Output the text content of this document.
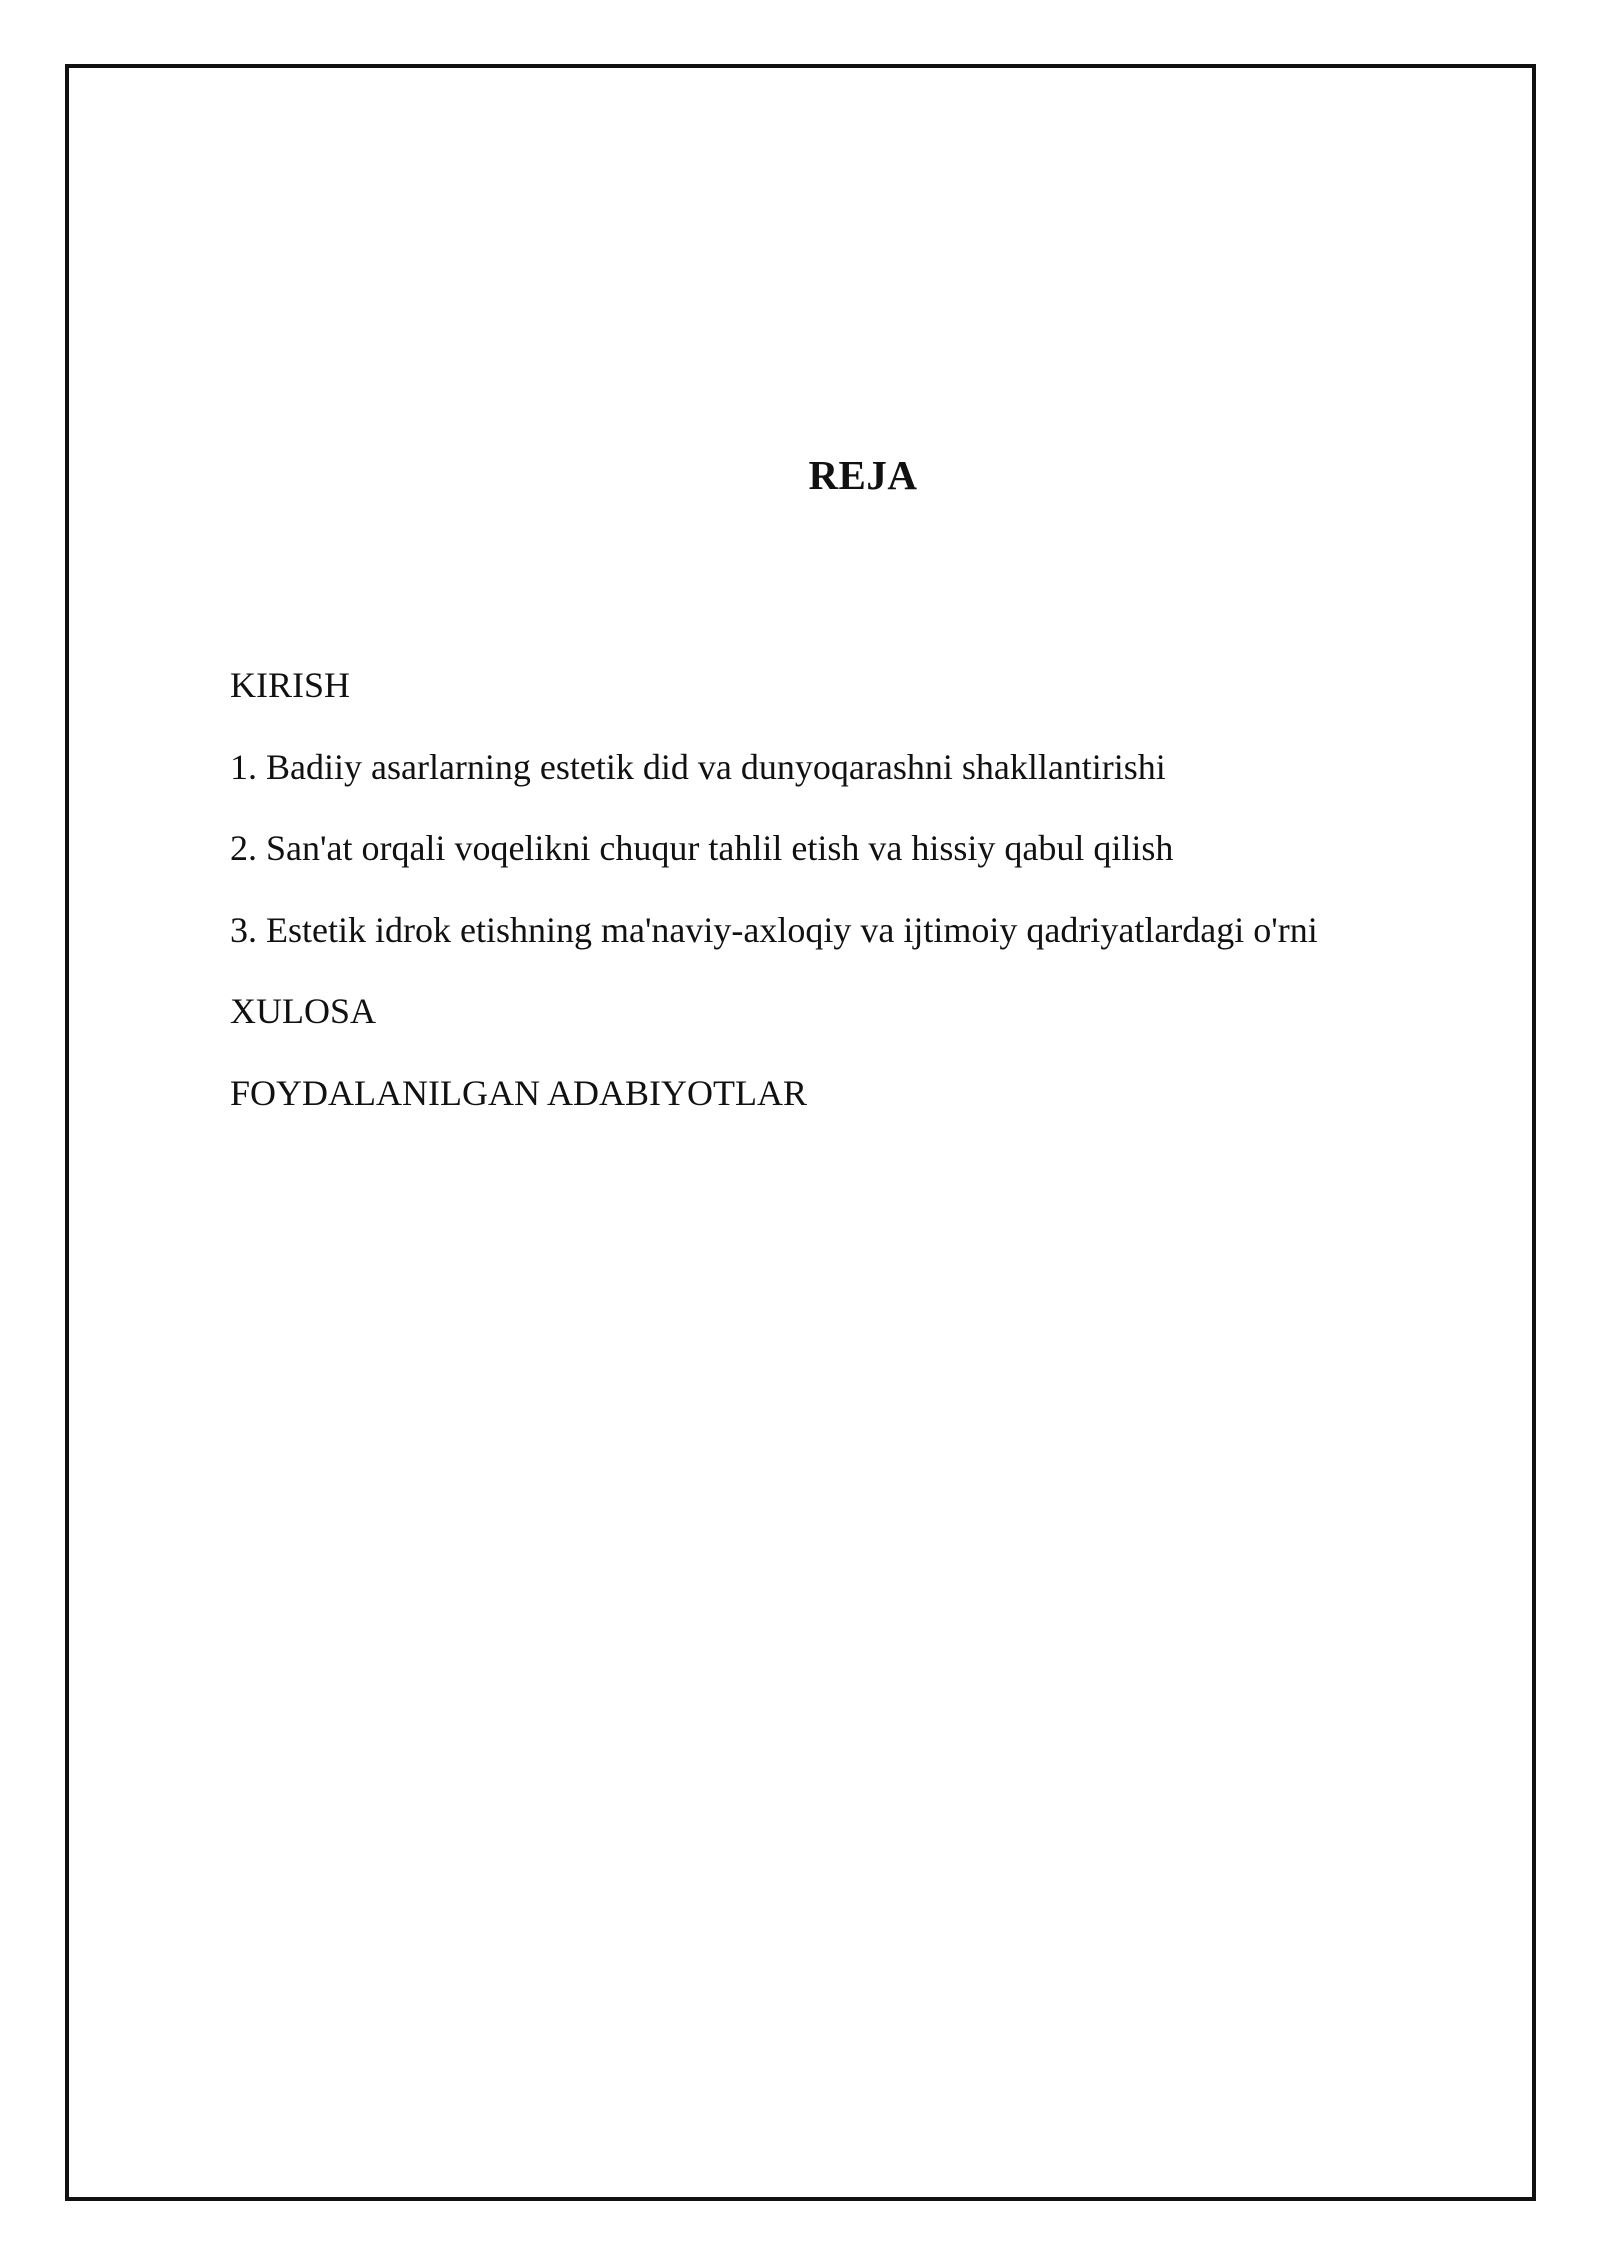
REJA
KIRISH
1. Badiiy asarlarning estetik did va dunyoqarashni shakllantirishi
2. San'at orqali voqelikni chuqur tahlil etish va hissiy qabul qilish
3. Estetik idrok etishning ma'naviy-axloqiy va ijtimoiy qadriyatlardagi o'rni
XULOSA
FOYDALANILGAN ADABIYOTLAR
